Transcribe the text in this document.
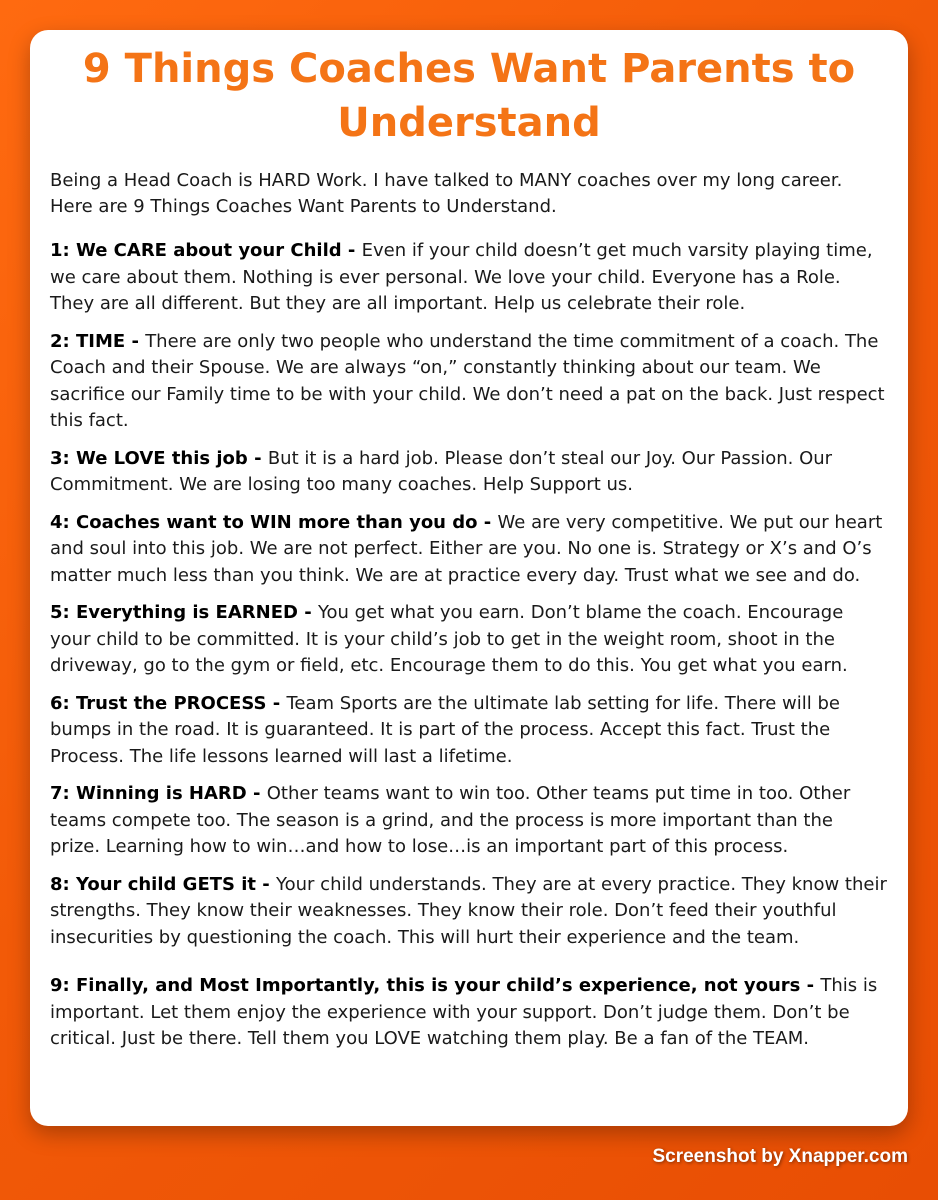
9 Things Coaches Want Parents to Understand

Being a Head Coach is HARD Work. I have talked to MANY coaches over my long career. Here are 9 Things Coaches Want Parents to Understand.

1: We CARE about your Child - Even if your child doesn’t get much varsity playing time, we care about them. Nothing is ever personal. We love your child. Everyone has a Role. They are all different. But they are all important. Help us celebrate their role.

2: TIME - There are only two people who understand the time commitment of a coach. The Coach and their Spouse. We are always “on,” constantly thinking about our team. We sacrifice our Family time to be with your child. We don’t need a pat on the back. Just respect this fact.

3: We LOVE this job - But it is a hard job. Please don’t steal our Joy. Our Passion. Our Commitment. We are losing too many coaches. Help Support us.

4: Coaches want to WIN more than you do - We are very competitive. We put our heart and soul into this job. We are not perfect. Either are you. No one is. Strategy or X’s and O’s matter much less than you think. We are at practice every day. Trust what we see and do.

5: Everything is EARNED - You get what you earn. Don’t blame the coach. Encourage your child to be committed. It is your child’s job to get in the weight room, shoot in the driveway, go to the gym or field, etc. Encourage them to do this. You get what you earn.

6: Trust the PROCESS - Team Sports are the ultimate lab setting for life. There will be bumps in the road. It is guaranteed. It is part of the process. Accept this fact. Trust the Process. The life lessons learned will last a lifetime.

7: Winning is HARD - Other teams want to win too. Other teams put time in too. Other teams compete too. The season is a grind, and the process is more important than the prize. Learning how to win…and how to lose…is an important part of this process.

8: Your child GETS it - Your child understands. They are at every practice. They know their strengths. They know their weaknesses. They know their role. Don’t feed their youthful insecurities by questioning the coach. This will hurt their experience and the team.

9: Finally, and Most Importantly, this is your child’s experience, not yours - This is important. Let them enjoy the experience with your support. Don’t judge them. Don’t be critical. Just be there. Tell them you LOVE watching them play. Be a fan of the TEAM.

Screenshot by Xnapper.com
